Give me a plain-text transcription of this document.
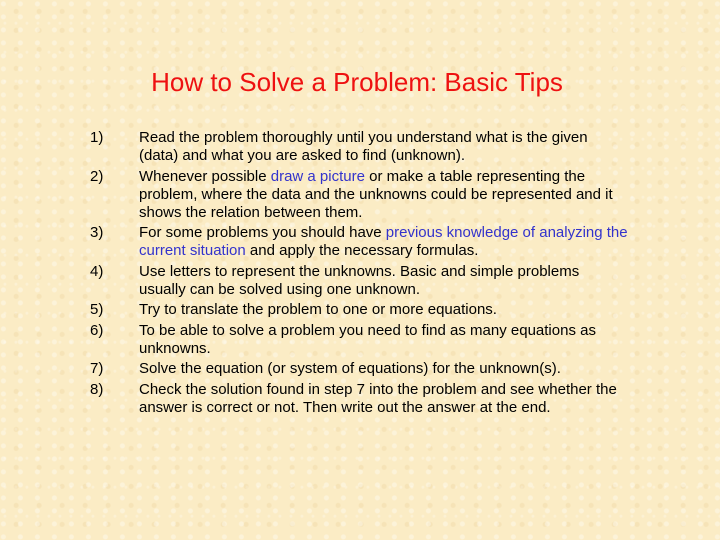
How to Solve a Problem: Basic Tips
1)	Read the problem thoroughly until you understand what is the given (data) and what you are asked to find (unknown).
2)	Whenever possible draw a picture or make a table representing the problem, where the data and the unknowns could be represented and it shows the relation between them.
3)	For some problems you should have previous knowledge of analyzing the current situation and apply the necessary formulas.
4)	Use letters to represent the unknowns. Basic and simple problems usually can be solved using one unknown.
5)	Try to translate the problem to one or more equations.
6)	To be able to solve a problem you need to find as many equations as unknowns.
7)	Solve the equation (or system of equations) for the unknown(s).
8)	Check the solution found in step 7 into the problem and see whether the answer is correct or not. Then write out the answer at the end.
